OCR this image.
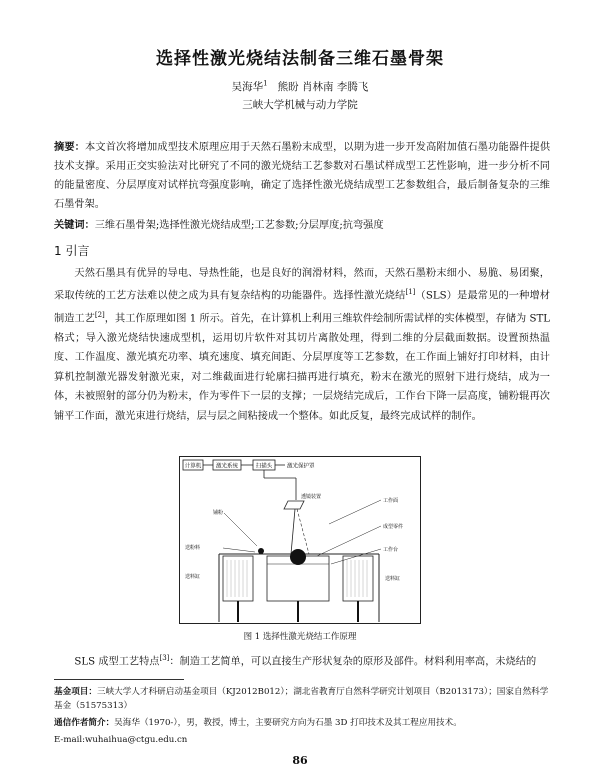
选择性激光烧结法制备三维石墨骨架
吴海华$^1$ 熊盼 肖林南 李腾飞
三峡大学机械与动力学院
摘要：本文首次将增加成型技术原理应用于天然石墨粉末成型，以期为进一步开发高附加值石墨功能器件提供技术支撑。采用正交实验法对比研究了不同的激光烧结工艺参数对石墨试样成型工艺性影响，进一步分析不同的能量密度、分层厚度对试样抗弯强度影响，确定了选择性激光烧结成型工艺参数组合，最后制备复杂的三维石墨骨架。
关键词：三维石墨骨架;选择性激光烧结成型;工艺参数;分层厚度;抗弯强度
1 引言

天然石墨具有优异的导电、导热性能，也是良好的润滑材料，然而，天然石墨粉末细小、易脆、易团聚，采取传统的工艺方法难以使之成为具有复杂结构的功能器件。选择性激光烧结[1]（SLS）是最常见的一种增材制造工艺[2]，其工作原理如图 1 所示。首先，在计算机上利用三维软件绘制所需试样的实体模型，存储为 STL 格式；导入激光烧结快速成型机，运用切片软件对其切片离散处理，得到二维的分层截面数据。设置预热温度、工作温度、激光填充功率、填充速度、填充间距、分层厚度等工艺参数，在工作面上铺好打印材料，由计算机控制激光器发射激光束，对二维截面进行轮廓扫描再进行填充，粉末在激光的照射下进行烧结，成为一体，未被照射的部分仍为粉末，作为零件下一层的支撑；一层烧结完成后，工作台下降一层高度，铺粉辊再次铺平工作面，激光束进行烧结，层与层之间粘接成一个整体。如此反复，最终完成试样的制作。

计算机	激光系统	扫描头	激光保护罩
透镜装置
铺粉
送粉料
工作面
成型零件
工作台
送料缸	送料缸
图 1 选择性激光烧结工作原理

SLS 成型工艺特点[3]：制造工艺简单，可以直接生产形状复杂的原形及部件。材料利用率高，未烧结的

基金项目：三峡大学人才科研启动基金项目（KJ2012B012）；湖北省教育厅自然科学研究计划项目（B2013173）；国家自然科学基金（51575313）
通信作者简介：吴海华（1970-），男，教授，博士，主要研究方向为石墨 3D 打印技术及其工程应用技术。
E-mail:wuhaihua@ctgu.edu.cn
86
